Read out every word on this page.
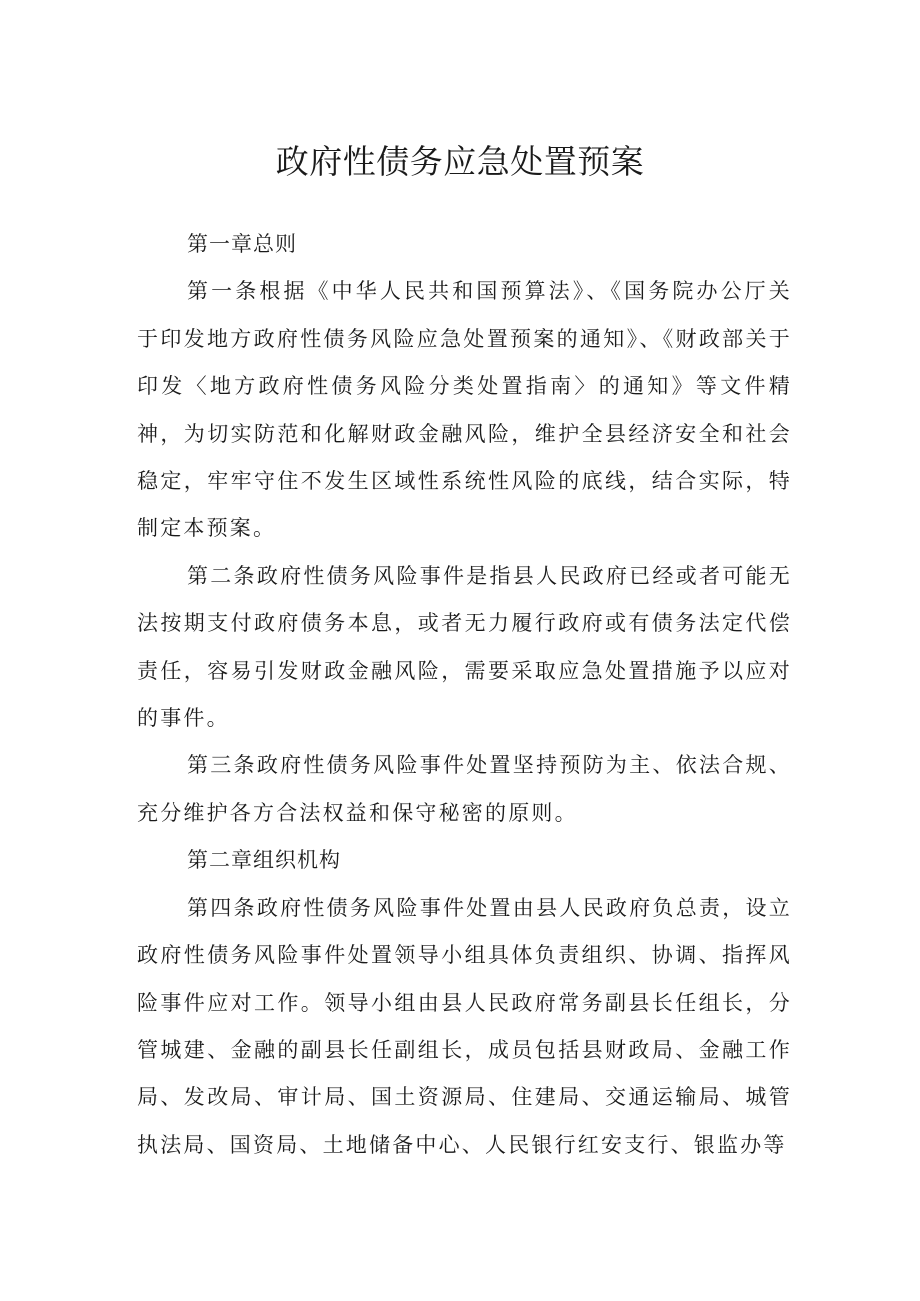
政府性债务应急处置预案

第一章总则

第一条根据《中华人民共和国预算法》、《国务院办公厅关于印发地方政府性债务风险应急处置预案的通知》、《财政部关于印发〈地方政府性债务风险分类处置指南〉的通知》等文件精神，为切实防范和化解财政金融风险，维护全县经济安全和社会稳定，牢牢守住不发生区域性系统性风险的底线，结合实际，特制定本预案。

第二条政府性债务风险事件是指县人民政府已经或者可能无法按期支付政府债务本息，或者无力履行政府或有债务法定代偿责任，容易引发财政金融风险，需要采取应急处置措施予以应对的事件。

第三条政府性债务风险事件处置坚持预防为主、依法合规、充分维护各方合法权益和保守秘密的原则。

第二章组织机构

第四条政府性债务风险事件处置由县人民政府负总责，设立政府性债务风险事件处置领导小组具体负责组织、协调、指挥风险事件应对工作。领导小组由县人民政府常务副县长任组长，分管城建、金融的副县长任副组长，成员包括县财政局、金融工作局、发改局、审计局、国土资源局、住建局、交通运输局、城管执法局、国资局、土地储备中心、人民银行红安支行、银监办等
